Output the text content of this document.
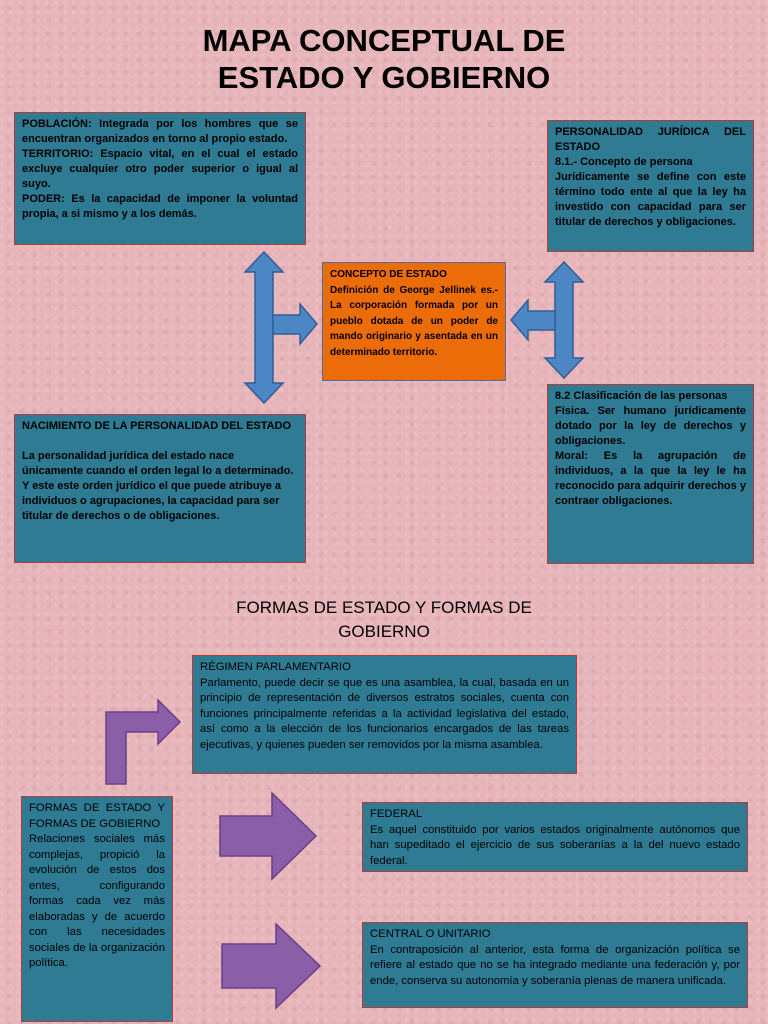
MAPA CONCEPTUAL DE
ESTADO Y GOBIERNO

POBLACIÓN: Integrada por los hombres que se encuentran organizados en torno al propio estado.

TERRITORIO: Espacio vital, en el cual el estado excluye cualquier otro poder superior o igual al suyo.

PODER: Es la capacidad de imponer la voluntad propia, a si mismo y a los demás.

PERSONALIDAD JURÍDICA DEL ESTADO

8.1.- Concepto de persona

Jurídicamente se define con este término todo ente al que la ley ha investido con capacidad para ser titular de derechos y obligaciones.

CONCEPTO DE ESTADO

Definición de George Jellinek es.- La corporación formada por un pueblo dotada de un poder de mando originario y asentada en un determinado territorio.

NACIMIENTO DE LA PERSONALIDAD DEL ESTADO

La personalidad jurídica del estado nace únicamente cuando el orden legal lo a determinado. Y este este orden jurídico el que puede atribuye a individuos o agrupaciones, la capacidad para ser titular de derechos o de obligaciones.

8.2 Clasificación de las personas

Física. Ser humano jurídicamente dotado por la ley de derechos y obligaciones.

Moral: Es la agrupación de individuos, a la que la ley le ha reconocido para adquirir derechos y contraer obligaciones.

FORMAS DE ESTADO Y FORMAS DE
GOBIERNO

RÉGIMEN PARLAMENTARIO

Parlamento, puede decir se que es una asamblea, la cual, basada en un principio de representación de diversos estratos sociales, cuenta con funciones principalmente referidas a la actividad legislativa del estado, así como a la elección de los funcionarios encargados de las tareas ejecutivas, y quienes pueden ser removidos por la misma asamblea.

FORMAS DE ESTADO Y FORMAS DE GOBIERNO

Relaciones sociales más complejas, propició la evolución de estos dos entes, configurando formas cada vez más elaboradas y de acuerdo con las necesidades sociales de la organización política.

FEDERAL

Es aquel constituido por varios estados originalmente autónomos que han supeditado el ejercicio de sus soberanías a la del nuevo estado federal.

CENTRAL O UNITARIO

En contraposición al anterior, esta forma de organización política se refiere al estado que no se ha integrado mediante una federación y, por ende, conserva su autonomía y soberanía plenas de manera unificada.
